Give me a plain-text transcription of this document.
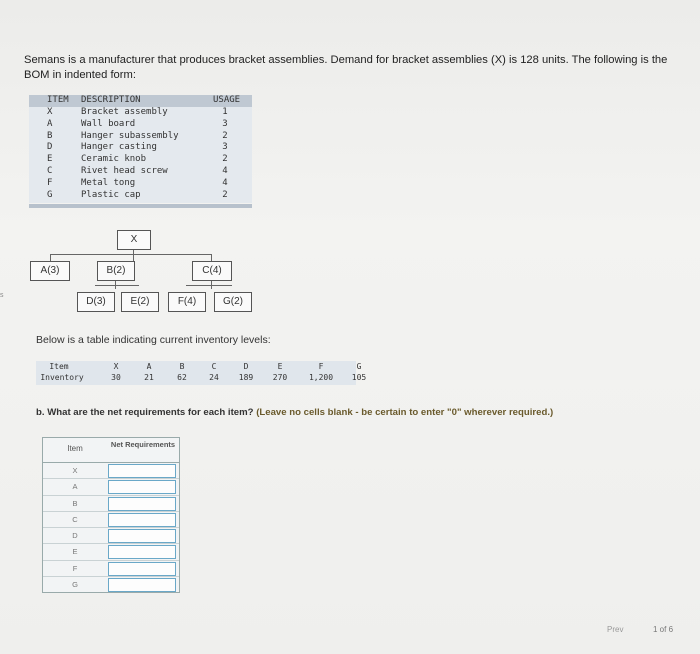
Semans is a manufacturer that produces bracket assemblies. Demand for bracket assemblies (X) is 128 units. The following is the BOM in indented form:
ITEM DESCRIPTION	USAGE
X	Bracket assembly	1
A	Wall board	3
B	Hanger subassembly	2
D	Hanger casting	3
E	Ceramic knob	2
C	Rivet head screw	4
F	Metal tong	4
G	Plastic cap	2
X
A(3)	B(2)	C(4)
D(3)	E(2)	F(4)	G(2)
s
Below is a table indicating current inventory levels:
Item	X	A	B	C	D	E	F	G
Inventory	30	21	62	24	189	270	1,200	105
b. What are the net requirements for each item? (Leave no cells blank - be certain to enter "0" wherever required.)
Item	Net Requirements
X
A
B
C
D
E
F
G
Prev	1 of 6
